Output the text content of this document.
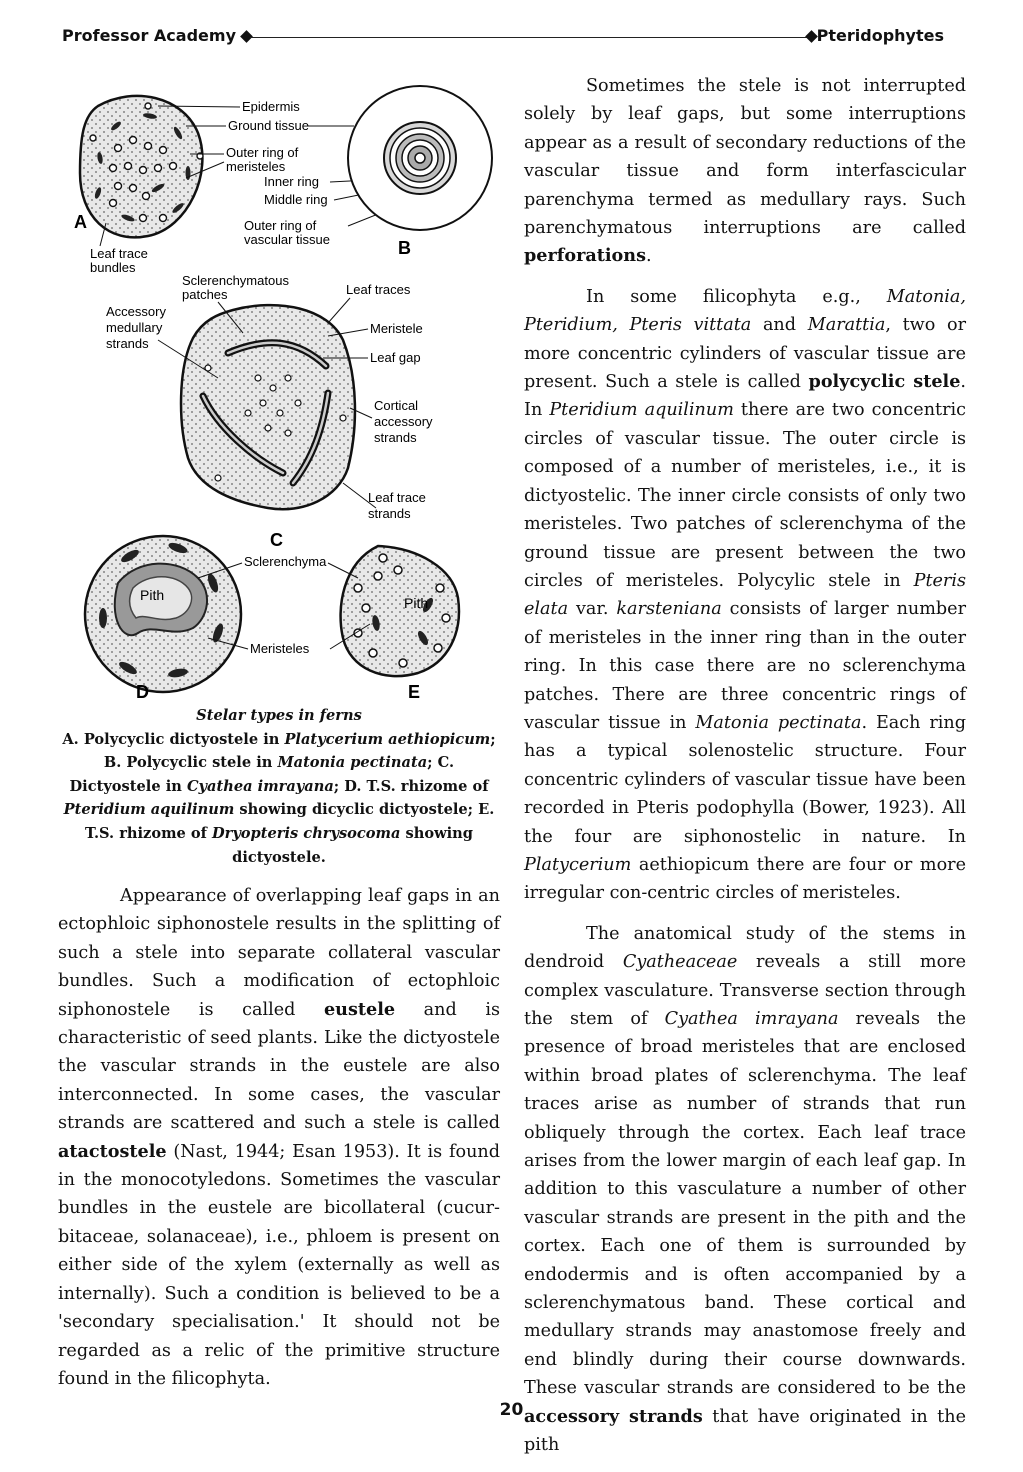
Professor Academy	Pteridophytes
A
Leaf trace
bundles
Epidermis
Ground tissue
Outer ring of
meristeles
Inner ring
Middle ring
Outer ring of
vascular tissue	B
C
Sclerenchymatous
patches	Leaf traces
Accessory
medullary
strands
Meristele
Leaf gap
Cortical
accessory
strands
Leaf trace
strands
Pith
D
Pith
E
Sclerenchyma
Meristeles
Stelar types in ferns
A. Polycyclic dictyostele in Platycerium aethiopicum; B. Polycyclic stele in Matonia pectinata; C. Dictyostele in Cyathea imrayana; D. T.S. rhizome of Pteridium aquilinum showing dicyclic dictyostele; E. T.S. rhizome of Dryopteris chrysocoma showing dictyostele.

Appearance of overlapping leaf gaps in an ectophloic siphonostele results in the splitting of such a stele into separate collateral vascular bundles. Such a modification of ectophloic siphonostele is called eustele and is characteristic of seed plants. Like the dictyostele the vascular strands in the eustele are also interconnected. In some cases, the vascular strands are scattered and such a stele is called atactostele (Nast, 1944; Esan 1953). It is found in the monocotyledons. Sometimes the vascular bundles in the eustele are bicollateral (cucur-bitaceae, solanaceae), i.e., phloem is present on either side of the xylem (externally as well as internally). Such a condition is believed to be a 'secondary specialisation.' It should not be regarded as a relic of the primitive structure found in the filicophyta.

Sometimes the stele is not interrupted solely by leaf gaps, but some interruptions appear as a result of secondary reductions of the vascular tissue and form interfascicular parenchyma termed as medullary rays. Such parenchymatous interruptions are called perforations.

In some filicophyta e.g., Matonia, Pteridium, Pteris vittata and Marattia, two or more concentric cylinders of vascular tissue are present. Such a stele is called polycyclic stele. In Pteridium aquilinum there are two concentric circles of vascular tissue. The outer circle is composed of a number of meristeles, i.e., it is dictyostelic. The inner circle consists of only two meristeles. Two patches of sclerenchyma of the ground tissue are present between the two circles of meristeles. Polycylic stele in Pteris elata var. karsteniana consists of larger number of meristeles in the inner ring than in the outer ring. In this case there are no sclerenchyma patches. There are three concentric rings of vascular tissue in Matonia pectinata. Each ring has a typical solenostelic structure. Four concentric cylinders of vascular tissue have been recorded in Pteris podophylla (Bower, 1923). All the four are siphonostelic in nature. In Platycerium aethiopicum there are four or more irregular con-centric circles of meristeles.

The anatomical study of the stems in dendroid Cyatheaceae reveals a still more complex vasculature. Transverse section through the stem of Cyathea imrayana reveals the presence of broad meristeles that are enclosed within broad plates of sclerenchyma. The leaf traces arise as number of strands that run obliquely through the cortex. Each leaf trace arises from the lower margin of each leaf gap. In addition to this vasculature a number of other vascular strands are present in the pith and the cortex. Each one of them is surrounded by endodermis and is often accompanied by a sclerenchymatous band. These cortical and medullary strands may anastomose freely and end blindly during their course downwards. These vascular strands are considered to be the accessory strands that have originated in the pith

20
